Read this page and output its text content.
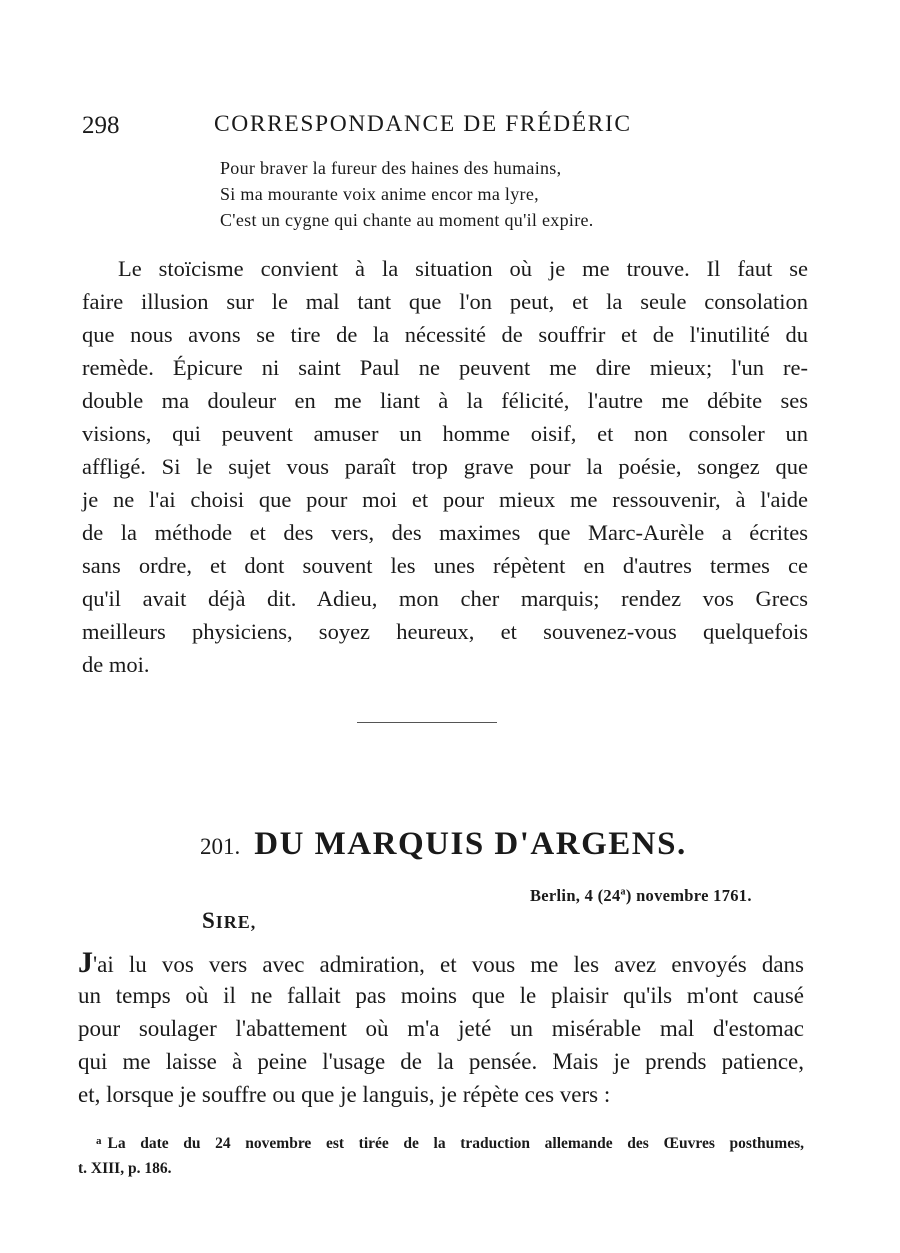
298	CORRESPONDANCE DE FRÉDÉRIC
Pour braver la fureur des haines des humains,
Si ma mourante voix anime encor ma lyre,
C'est un cygne qui chante au moment qu'il expire.
Le stoïcisme convient à la situation où je me trouve. Il faut se
faire illusion sur le mal tant que l'on peut, et la seule consolation
que nous avons se tire de la nécessité de souffrir et de l'inutilité du
remède. Épicure ni saint Paul ne peuvent me dire mieux; l'un re-
double ma douleur en me liant à la félicité, l'autre me débite ses
visions, qui peuvent amuser un homme oisif, et non consoler un
affligé. Si le sujet vous paraît trop grave pour la poésie, songez que
je ne l'ai choisi que pour moi et pour mieux me ressouvenir, à l'aide
de la méthode et des vers, des maximes que Marc-Aurèle a écrites
sans ordre, et dont souvent les unes répètent en d'autres termes ce
qu'il avait déjà dit. Adieu, mon cher marquis; rendez vos Grecs
meilleurs physiciens, soyez heureux, et souvenez-vous quelquefois
de moi.
201. DU MARQUIS D'ARGENS.
Berlin, 4 (24$^a$) novembre 1761.
SIRE,
J'ai lu vos vers avec admiration, et vous me les avez envoyés dans
un temps où il ne fallait pas moins que le plaisir qu'ils m'ont causé
pour soulager l'abattement où m'a jeté un misérable mal d'estomac
qui me laisse à peine l'usage de la pensée. Mais je prends patience,
et, lorsque je souffre ou que je languis, je répète ces vers :
$^a$ La date du 24 novembre est tirée de la traduction allemande des Œuvres posthumes,
t. XIII, p. 186.
